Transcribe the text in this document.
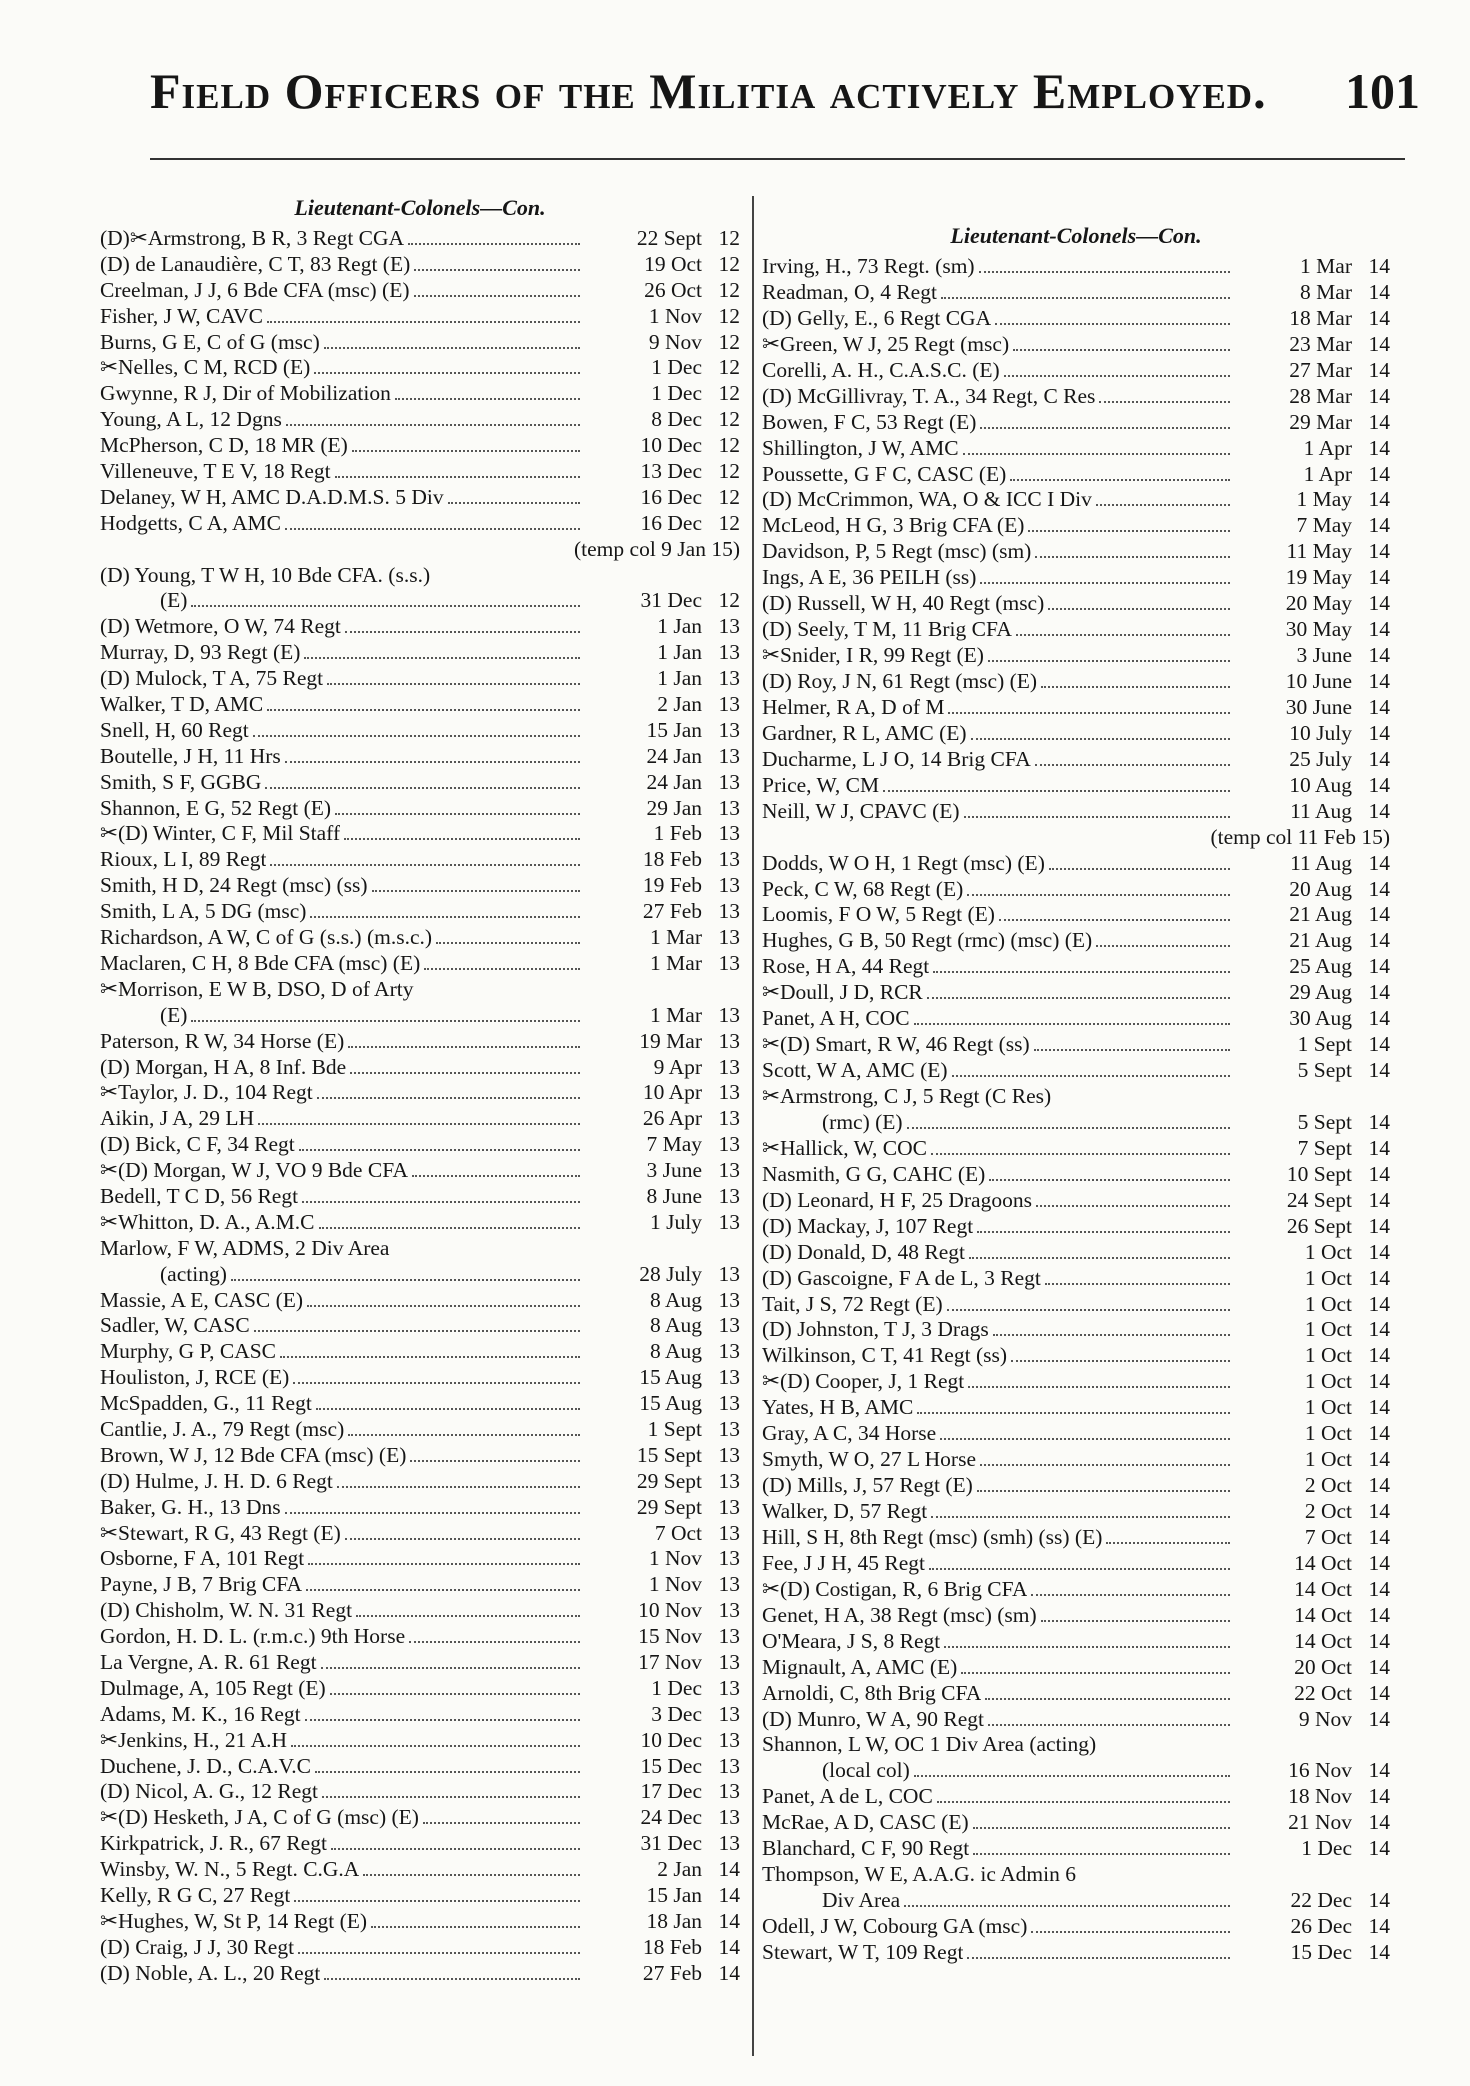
Field Officers of the Militia actively Employed. 101
Lieutenant-Colonels—Con.
(D)✂Armstrong, B R, 3 Regt CGA	22 Sept 12
(D) de Lanaudière, C T, 83 Regt (E)	19 Oct 12
Creelman, J J, 6 Bde CFA (msc) (E)	26 Oct 12
Fisher, J W, CAVC	1 Nov 12
Burns, G E, C of G (msc)	9 Nov 12
✂Nelles, C M, RCD (E)	1 Dec 12
Gwynne, R J, Dir of Mobilization	1 Dec 12
Young, A L, 12 Dgns	8 Dec 12
McPherson, C D, 18 MR (E)	10 Dec 12
Villeneuve, T E V, 18 Regt	13 Dec 12
Delaney, W H, AMC D.A.D.M.S. 5 Div	16 Dec 12
Hodgetts, C A, AMC	16 Dec 12
(temp col 9 Jan 15)
(D) Young, T W H, 10 Bde CFA. (s.s.)
(E)	31 Dec 12
(D) Wetmore, O W, 74 Regt	1 Jan 13
Murray, D, 93 Regt (E)	1 Jan 13
(D) Mulock, T A, 75 Regt	1 Jan 13
Walker, T D, AMC	2 Jan 13
Snell, H, 60 Regt	15 Jan 13
Boutelle, J H, 11 Hrs	24 Jan 13
Smith, S F, GGBG	24 Jan 13
Shannon, E G, 52 Regt (E)	29 Jan 13
✂(D) Winter, C F, Mil Staff	1 Feb 13
Rioux, L I, 89 Regt	18 Feb 13
Smith, H D, 24 Regt (msc) (ss)	19 Feb 13
Smith, L A, 5 DG (msc)	27 Feb 13
Richardson, A W, C of G (s.s.) (m.s.c.)	1 Mar 13
Maclaren, C H, 8 Bde CFA (msc) (E)	1 Mar 13
✂Morrison, E W B, DSO, D of Arty
(E)	1 Mar 13
Paterson, R W, 34 Horse (E)	19 Mar 13
(D) Morgan, H A, 8 Inf. Bde	9 Apr 13
✂Taylor, J. D., 104 Regt	10 Apr 13
Aikin, J A, 29 LH	26 Apr 13
(D) Bick, C F, 34 Regt	7 May 13
✂(D) Morgan, W J, VO 9 Bde CFA	3 June 13
Bedell, T C D, 56 Regt	8 June 13
✂Whitton, D. A., A.M.C	1 July 13
Marlow, F W, ADMS, 2 Div Area
(acting)	28 July 13
Massie, A E, CASC (E)	8 Aug 13
Sadler, W, CASC	8 Aug 13
Murphy, G P, CASC	8 Aug 13
Houliston, J, RCE (E)	15 Aug 13
McSpadden, G., 11 Regt	15 Aug 13
Cantlie, J. A., 79 Regt (msc)	1 Sept 13
Brown, W J, 12 Bde CFA (msc) (E)	15 Sept 13
(D) Hulme, J. H. D. 6 Regt	29 Sept 13
Baker, G. H., 13 Dns	29 Sept 13
✂Stewart, R G, 43 Regt (E)	7 Oct 13
Osborne, F A, 101 Regt	1 Nov 13
Payne, J B, 7 Brig CFA	1 Nov 13
(D) Chisholm, W. N. 31 Regt	10 Nov 13
Gordon, H. D. L. (r.m.c.) 9th Horse	15 Nov 13
La Vergne, A. R. 61 Regt	17 Nov 13
Dulmage, A, 105 Regt (E)	1 Dec 13
Adams, M. K., 16 Regt	3 Dec 13
✂Jenkins, H., 21 A.H	10 Dec 13
Duchene, J. D., C.A.V.C	15 Dec 13
(D) Nicol, A. G., 12 Regt	17 Dec 13
✂(D) Hesketh, J A, C of G (msc) (E)	24 Dec 13
Kirkpatrick, J. R., 67 Regt	31 Dec 13
Winsby, W. N., 5 Regt. C.G.A	2 Jan 14
Kelly, R G C, 27 Regt	15 Jan 14
✂Hughes, W, St P, 14 Regt (E)	18 Jan 14
(D) Craig, J J, 30 Regt	18 Feb 14
(D) Noble, A. L., 20 Regt	27 Feb 14
Lieutenant-Colonels—Con.
Irving, H., 73 Regt. (sm)	1 Mar 14
Readman, O, 4 Regt	8 Mar 14
(D) Gelly, E., 6 Regt CGA	18 Mar 14
✂Green, W J, 25 Regt (msc)	23 Mar 14
Corelli, A. H., C.A.S.C. (E)	27 Mar 14
(D) McGillivray, T. A., 34 Regt, C Res	28 Mar 14
Bowen, F C, 53 Regt (E)	29 Mar 14
Shillington, J W, AMC	1 Apr 14
Poussette, G F C, CASC (E)	1 Apr 14
(D) McCrimmon, WA, O & ICC I Div	1 May 14
McLeod, H G, 3 Brig CFA (E)	7 May 14
Davidson, P, 5 Regt (msc) (sm)	11 May 14
Ings, A E, 36 PEILH (ss)	19 May 14
(D) Russell, W H, 40 Regt (msc)	20 May 14
(D) Seely, T M, 11 Brig CFA	30 May 14
✂Snider, I R, 99 Regt (E)	3 June 14
(D) Roy, J N, 61 Regt (msc) (E)	10 June 14
Helmer, R A, D of M	30 June 14
Gardner, R L, AMC (E)	10 July 14
Ducharme, L J O, 14 Brig CFA	25 July 14
Price, W, CM	10 Aug 14
Neill, W J, CPAVC (E)	11 Aug 14
(temp col 11 Feb 15)
Dodds, W O H, 1 Regt (msc) (E)	11 Aug 14
Peck, C W, 68 Regt (E)	20 Aug 14
Loomis, F O W, 5 Regt (E)	21 Aug 14
Hughes, G B, 50 Regt (rmc) (msc) (E)	21 Aug 14
Rose, H A, 44 Regt	25 Aug 14
✂Doull, J D, RCR	29 Aug 14
Panet, A H, COC	30 Aug 14
✂(D) Smart, R W, 46 Regt (ss)	1 Sept 14
Scott, W A, AMC (E)	5 Sept 14
✂Armstrong, C J, 5 Regt (C Res)
(rmc) (E)	5 Sept 14
✂Hallick, W, COC	7 Sept 14
Nasmith, G G, CAHC (E)	10 Sept 14
(D) Leonard, H F, 25 Dragoons	24 Sept 14
(D) Mackay, J, 107 Regt	26 Sept 14
(D) Donald, D, 48 Regt	1 Oct 14
(D) Gascoigne, F A de L, 3 Regt	1 Oct 14
Tait, J S, 72 Regt (E)	1 Oct 14
(D) Johnston, T J, 3 Drags	1 Oct 14
Wilkinson, C T, 41 Regt (ss)	1 Oct 14
✂(D) Cooper, J, 1 Regt	1 Oct 14
Yates, H B, AMC	1 Oct 14
Gray, A C, 34 Horse	1 Oct 14
Smyth, W O, 27 L Horse	1 Oct 14
(D) Mills, J, 57 Regt (E)	2 Oct 14
Walker, D, 57 Regt	2 Oct 14
Hill, S H, 8th Regt (msc) (smh) (ss) (E)	7 Oct 14
Fee, J J H, 45 Regt	14 Oct 14
✂(D) Costigan, R, 6 Brig CFA	14 Oct 14
Genet, H A, 38 Regt (msc) (sm)	14 Oct 14
O'Meara, J S, 8 Regt	14 Oct 14
Mignault, A, AMC (E)	20 Oct 14
Arnoldi, C, 8th Brig CFA	22 Oct 14
(D) Munro, W A, 90 Regt	9 Nov 14
Shannon, L W, OC 1 Div Area (acting)
(local col)	16 Nov 14
Panet, A de L, COC	18 Nov 14
McRae, A D, CASC (E)	21 Nov 14
Blanchard, C F, 90 Regt	1 Dec 14
Thompson, W E, A.A.G. ic Admin 6
Div Area	22 Dec 14
Odell, J W, Cobourg GA (msc)	26 Dec 14
Stewart, W T, 109 Regt	15 Dec 14
